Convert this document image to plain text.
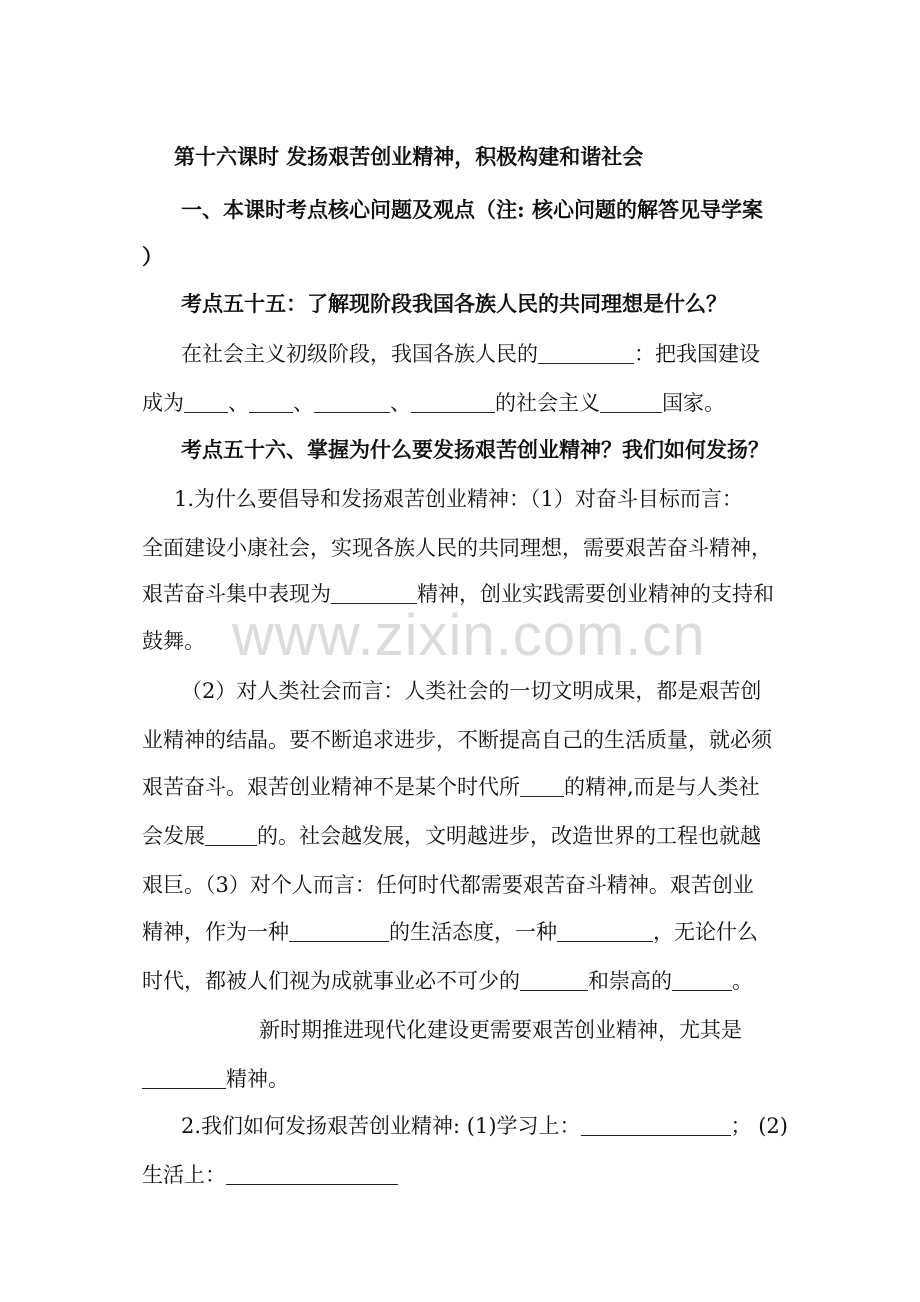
www.zixin.com.cn
第十六课时 发扬艰苦创业精神，积极构建和谐社会
一、本课时考点核心问题及观点（注: 核心问题的解答见导学案
）
考点五十五：了解现阶段我国各族人民的共同理想是什么？
在社会主义初级阶段，我国各族人民的	：把我国建设
成为 、 、	、	的社会主义	国家。
考点五十六、掌握为什么要发扬艰苦创业精神？我们如何发扬？
1.为什么要倡导和发扬艰苦创业精神：（1）对奋斗目标而言：
全面建设小康社会，实现各族人民的共同理想，需要艰苦奋斗精神，
艰苦奋斗集中表现为	精神，创业实践需要创业精神的支持和
鼓舞。
（2）对人类社会而言：人类社会的一切文明成果，都是艰苦创
业精神的结晶。要不断追求进步，不断提高自己的生活质量，就必须
艰苦奋斗。艰苦创业精神不是某个时代所 的精神,而是与人类社
会发展 的。社会越发展，文明越进步，改造世界的工程也就越
艰巨。（3）对个人而言：任何时代都需要艰苦奋斗精神。艰苦创业
精神，作为一种	的生活态度，一种	，无论什么
时代，都被人们视为成就事业必不可少的	和崇高的	。
新时期推进现代化建设更需要艰苦创业精神，尤其是
精神。
2.我们如何发扬艰苦创业精神: (1)学习上：	； (2)
生活上：
